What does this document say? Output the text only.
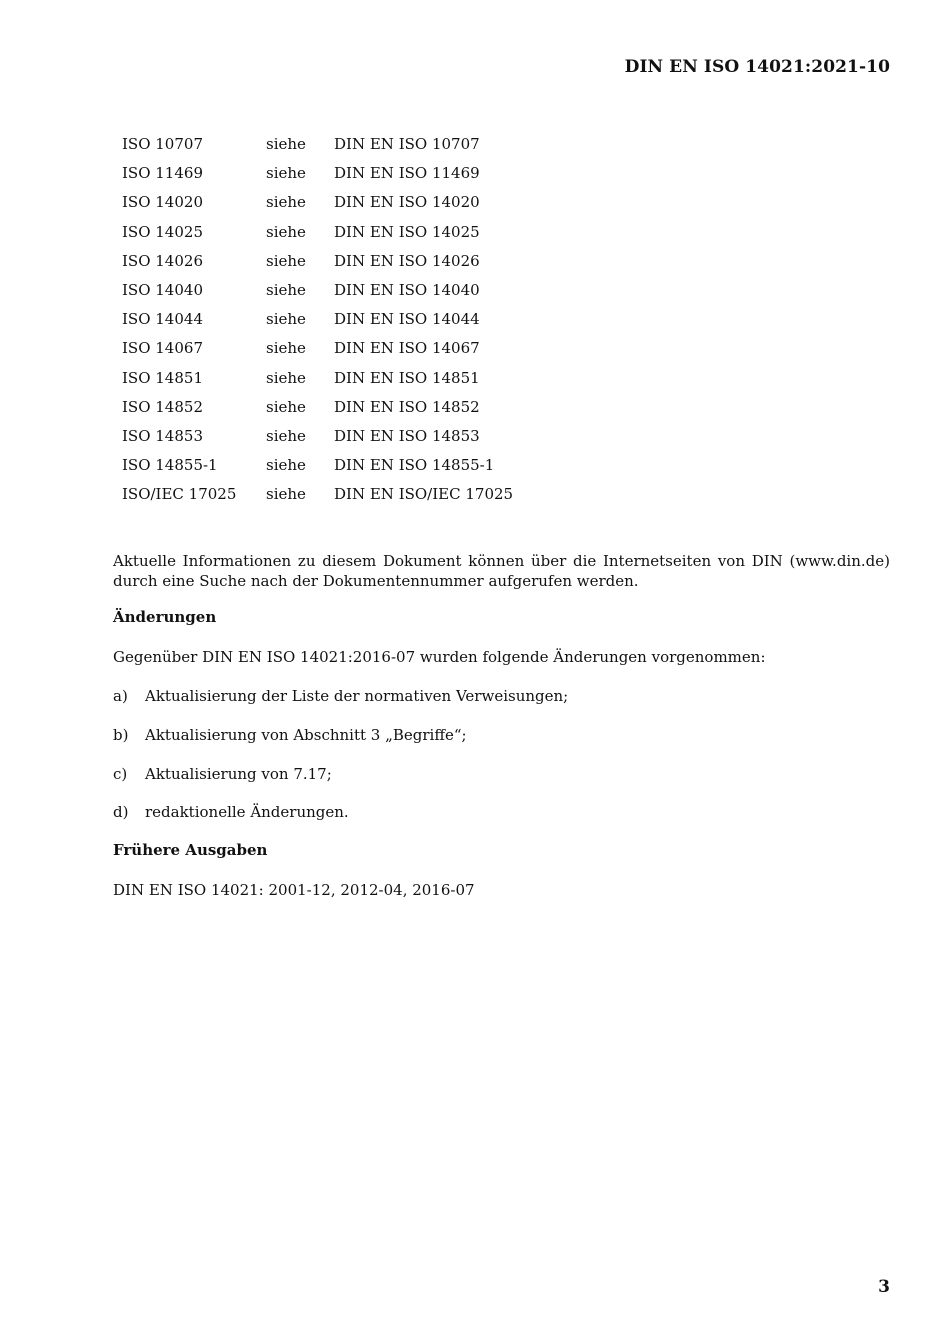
DIN EN ISO 14021:2021-10
ISO 10707	siehe	DIN EN ISO 10707
ISO 11469	siehe	DIN EN ISO 11469
ISO 14020	siehe	DIN EN ISO 14020
ISO 14025	siehe	DIN EN ISO 14025
ISO 14026	siehe	DIN EN ISO 14026
ISO 14040	siehe	DIN EN ISO 14040
ISO 14044	siehe	DIN EN ISO 14044
ISO 14067	siehe	DIN EN ISO 14067
ISO 14851	siehe	DIN EN ISO 14851
ISO 14852	siehe	DIN EN ISO 14852
ISO 14853	siehe	DIN EN ISO 14853
ISO 14855-1	siehe	DIN EN ISO 14855-1
ISO/IEC 17025	siehe	DIN EN ISO/IEC 17025

Aktuelle Informationen zu diesem Dokument können über die Internetseiten von DIN (www.din.de) durch eine Suche nach der Dokumentennummer aufgerufen werden.

Änderungen

Gegenüber DIN EN ISO 14021:2016-07 wurden folgende Änderungen vorgenommen:

a) Aktualisierung der Liste der normativen Verweisungen;
b) Aktualisierung von Abschnitt 3 „Begriffe“;
c) Aktualisierung von 7.17;
d) redaktionelle Änderungen.

Frühere Ausgaben

DIN EN ISO 14021: 2001-12, 2012-04, 2016-07

3
